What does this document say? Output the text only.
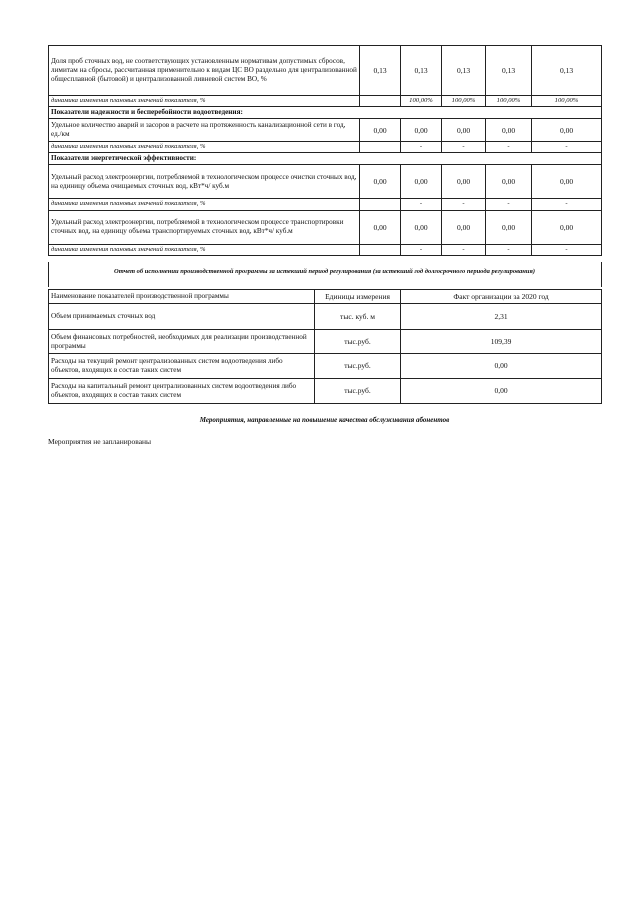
Доля проб сточных вод, не соответствующих установленным нормативам допустимых сбросов, лимитам на сбросы, рассчитанная применительно к видам ЦС ВО раздельно для централизованной общесплавной (бытовой) и централизованной ливневой систем ВО, %	0,13	0,13	0,13	0,13	0,13
динамика изменения плановых значений показателя, %		100,00%	100,00%	100,00%	100,00%
Показатели надежности и бесперебойности водоотведения:					
Удельное количество аварий и засоров в расчете на протяженность канализационной сети в год, ед./км	0,00	0,00	0,00	0,00	0,00
динамика изменения плановых значений показателя, %		-	-	-	-
Показатели энергетической эффективности:					
Удельный расход электроэнергии, потребляемой в технологическом процессе очистки сточных вод, на единицу объема очищаемых сточных вод, кВт*ч/ куб.м	0,00	0,00	0,00	0,00	0,00
динамика изменения плановых значений показателя, %		-	-	-	-
Удельный расход электроэнергии, потребляемой в технологическом процессе транспортировки сточных вод, на единицу объема транспортируемых сточных вод, кВт*ч/ куб.м	0,00	0,00	0,00	0,00	0,00
динамика изменения плановых значений показателя, %		-	-	-	-
Отчет об исполнении производственной программы за истекший период регулирования (за истекший год долгосрочного периода регулирования)
Наименование показателей производственной программы	Единицы измерения	Факт организации за 2020 год
Объем принимаемых сточных вод	тыс. куб. м	2,31
Объем финансовых потребностей, необходимых для реализации производственной программы	тыс.руб.	109,39
Расходы на текущий ремонт централизованных систем водоотведения либо объектов, входящих в состав таких систем	тыс.руб.	0,00
Расходы на капитальный ремонт централизованных систем водоотведения либо объектов, входящих в состав таких систем	тыс.руб.	0,00
Мероприятия, направленные на повышение качества обслуживания абонентов
Мероприятия не запланированы
